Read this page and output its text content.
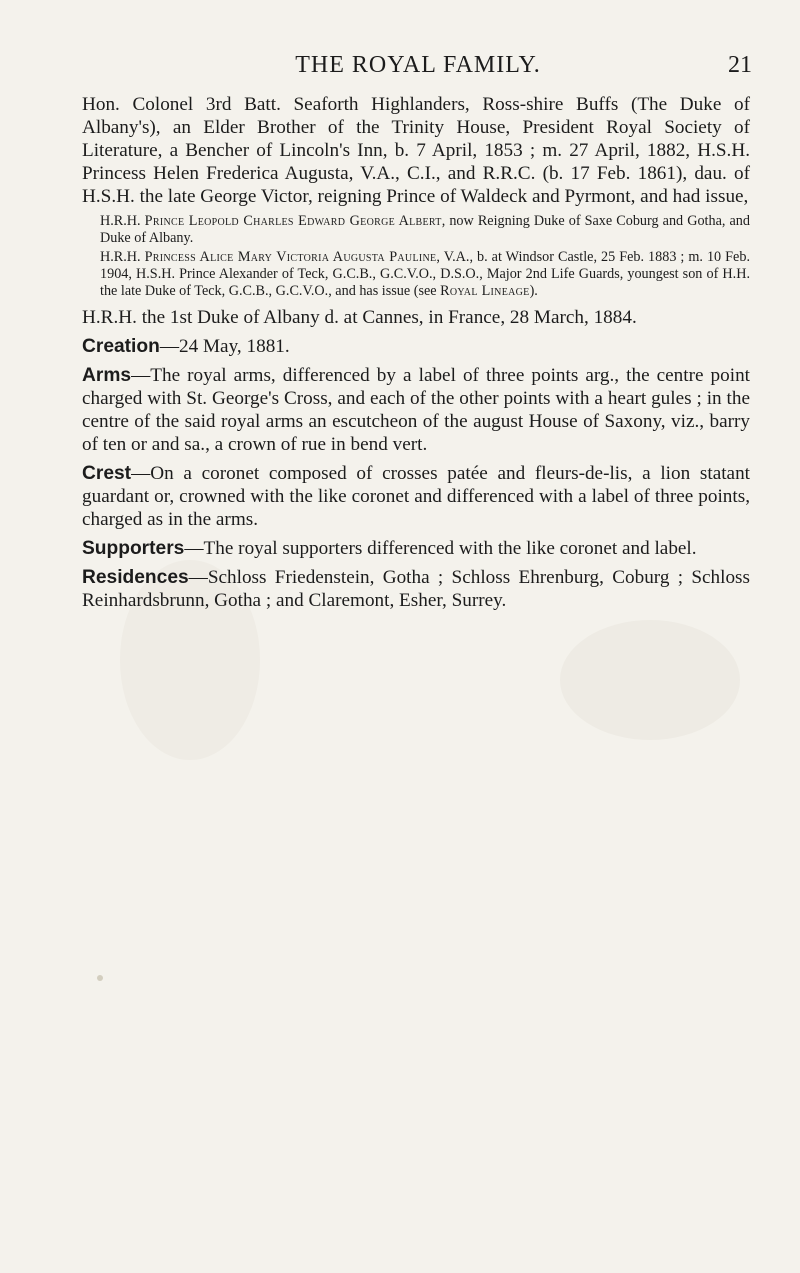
THE ROYAL FAMILY.	21

Hon. Colonel 3rd Batt. Seaforth Highlanders, Ross-shire Buffs (The Duke of Albany's), an Elder Brother of the Trinity House, President Royal Society of Literature, a Bencher of Lincoln's Inn, b. 7 April, 1853 ; m. 27 April, 1882, H.S.H. Princess Helen Frederica Augusta, V.A., C.I., and R.R.C. (b. 17 Feb. 1861), dau. of H.S.H. the late George Victor, reigning Prince of Waldeck and Pyrmont, and had issue,

H.R.H. Prince Leopold Charles Edward George Albert, now Reigning Duke of Saxe Coburg and Gotha, and Duke of Albany.

H.R.H. Princess Alice Mary Victoria Augusta Pauline, V.A., b. at Windsor Castle, 25 Feb. 1883 ; m. 10 Feb. 1904, H.S.H. Prince Alexander of Teck, G.C.B., G.C.V.O., D.S.O., Major 2nd Life Guards, youngest son of H.H. the late Duke of Teck, G.C.B., G.C.V.O., and has issue (see Royal Lineage).

H.R.H. the 1st Duke of Albany d. at Cannes, in France, 28 March, 1884.

Creation—24 May, 1881.

Arms—The royal arms, differenced by a label of three points arg., the centre point charged with St. George's Cross, and each of the other points with a heart gules ; in the centre of the said royal arms an escutcheon of the august House of Saxony, viz., barry of ten or and sa., a crown of rue in bend vert.

Crest—On a coronet composed of crosses patée and fleurs-de-lis, a lion statant guardant or, crowned with the like coronet and differenced with a label of three points, charged as in the arms.

Supporters—The royal supporters differenced with the like coronet and label.

Residences—Schloss Friedenstein, Gotha ; Schloss Ehrenburg, Coburg ; Schloss Reinhardsbrunn, Gotha ; and Claremont, Esher, Surrey.
